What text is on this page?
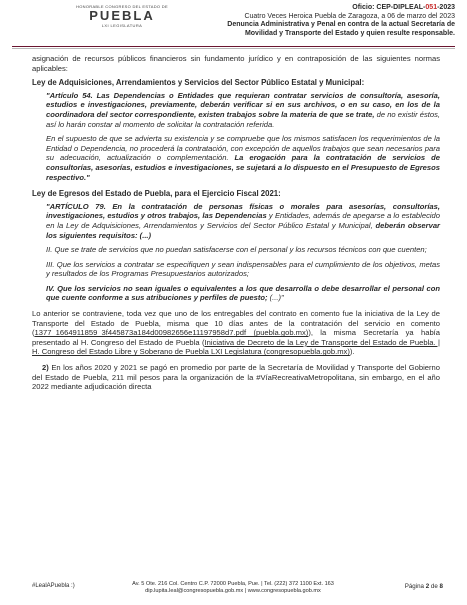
HONORABLE CONGRESO DEL ESTADO DE
PUEBLA
LXI LEGISLATURA
Oficio: CEP-DIPLEAL-051-2023
Cuatro Veces Heroica Puebla de Zaragoza, a 06 de marzo del 2023
Denuncia Administrativa y Penal en contra de la actual Secretaría de
Movilidad y Transporte del Estado y quien resulte responsable.

asignación de recursos públicos financieros sin fundamento jurídico y en contraposición de las siguientes normas aplicables:

Ley de Adquisiciones, Arrendamientos y Servicios del Sector Público Estatal y Municipal:

"Artículo 54. Las Dependencias o Entidades que requieran contratar servicios de consultoría, asesoría, estudios e investigaciones, previamente, deberán verificar si en sus archivos, o en su caso, en los de la coordinadora del sector correspondiente, existen trabajos sobre la materia de que se trate, de no existir éstos, así lo harán constar al momento de solicitar la contratación referida.

En el supuesto de que se advierta su existencia y se compruebe que los mismos satisfacen los requerimientos de la Entidad o Dependencia, no procederá la contratación, con excepción de aquellos trabajos que sean necesarios para su adecuación, actualización o complementación. La erogación para la contratación de servicios de consultorías, asesorías, estudios e investigaciones, se sujetará a lo dispuesto en el Presupuesto de Egresos respectivo."

Ley de Egresos del Estado de Puebla, para el Ejercicio Fiscal 2021:

"ARTÍCULO 79. En la contratación de personas físicas o morales para asesorías, consultorías, investigaciones, estudios y otros trabajos, las Dependencias y Entidades, además de apegarse a lo establecido en la Ley de Adquisiciones, Arrendamientos y Servicios del Sector Público Estatal y Municipal, deberán observar los siguientes requisitos: (...)

II. Que se trate de servicios que no puedan satisfacerse con el personal y los recursos técnicos con que cuenten;

III. Que los servicios a contratar se especifiquen y sean indispensables para el cumplimiento de los objetivos, metas y resultados de los Programas Presupuestarios autorizados;

IV. Que los servicios no sean iguales o equivalentes a los que desarrolla o debe desarrollar el personal con que cuente conforme a sus atribuciones y perfiles de puesto; (...)"

Lo anterior se contraviene, toda vez que uno de los entregables del contrato en comento fue la iniciativa de la Ley de Transporte del Estado de Puebla, misma que 10 días antes de la contratación del servicio en comento (1377_1664911859_3f445873a184d00982656e11197958d7.pdf (puebla.gob.mx)), la misma Secretaría ya había presentado al H. Congreso del Estado de Puebla (Iniciativa de Decreto de la Ley de Transporte del Estado de Puebla. | H. Congreso del Estado Libre y Soberano de Puebla LXI Legislatura (congresopuebla.gob.mx)).

2) En los años 2020 y 2021 se pagó en promedio por parte de la Secretaría de Movilidad y Transporte del Gobierno del Estado de Puebla, 211 mil pesos para la organización de la #VíaRecreativaMetropolitana, sin embargo, en el año 2022 mediante adjudicación directa

#LealAPuebla :)	Av. 5 Ote. 216 Col. Centro C.P. 72000 Puebla, Pue. | Tel. (222) 372 1100 Ext. 163
dip.lupita.leal@congresopuebla.gob.mx | www.congresopuebla.gob.mx
Página 2 de 8
